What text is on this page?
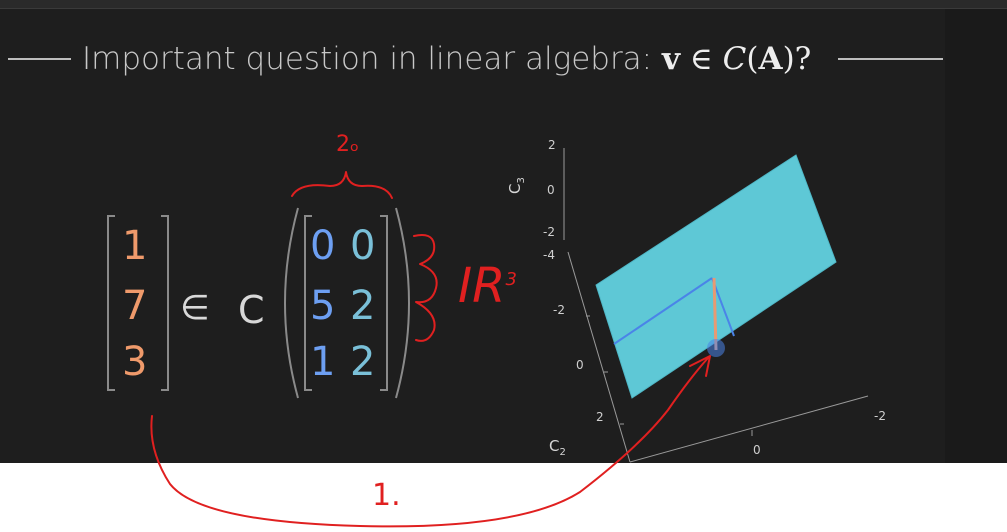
Important question in linear algebra: v ∈ C(A)?
1
7
3
∈ C
0
5
1
0
2
2
2
0
-2
-4
-2
0
2	-2
0
$C_3$
$C_2$
2ₒ
$IR^3$
1.
